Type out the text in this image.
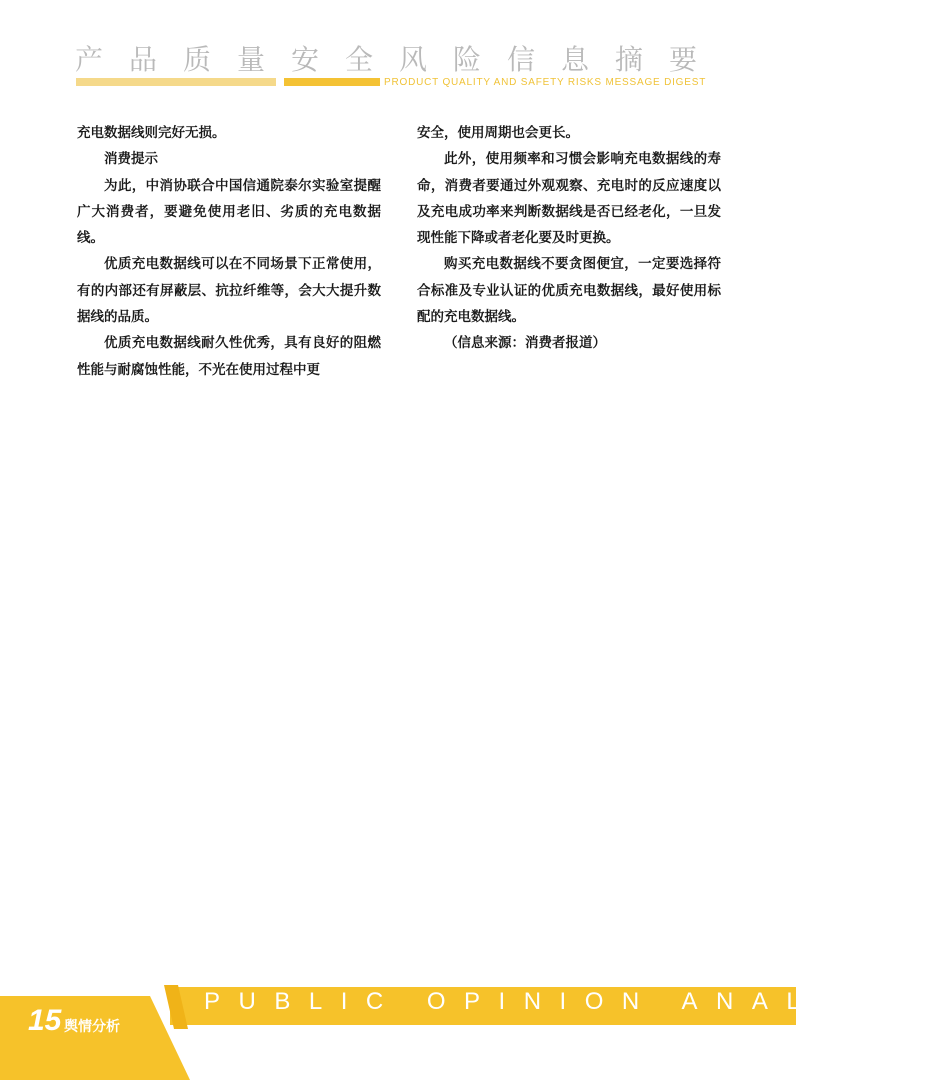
产品质量安全风险信息摘要
PRODUCT QUALITY AND SAFETY RISKS MESSAGE DIGEST

充电数据线则完好无损。

消费提示

为此，中消协联合中国信通院泰尔实验室提醒广大消费者，要避免使用老旧、劣质的充电数据线。

优质充电数据线可以在不同场景下正常使用，有的内部还有屏蔽层、抗拉纤维等，会大大提升数据线的品质。

优质充电数据线耐久性优秀，具有良好的阻燃性能与耐腐蚀性能，不光在使用过程中更

安全，使用周期也会更长。

此外，使用频率和习惯会影响充电数据线的寿命，消费者要通过外观观察、充电时的反应速度以及充电成功率来判断数据线是否已经老化，一旦发现性能下降或者老化要及时更换。

购买充电数据线不要贪图便宜，一定要选择符合标准及专业认证的优质充电数据线，最好使用标配的充电数据线。

（信息来源：消费者报道）

PUBLIC OPINION ANALYSIS
15 舆情分析
